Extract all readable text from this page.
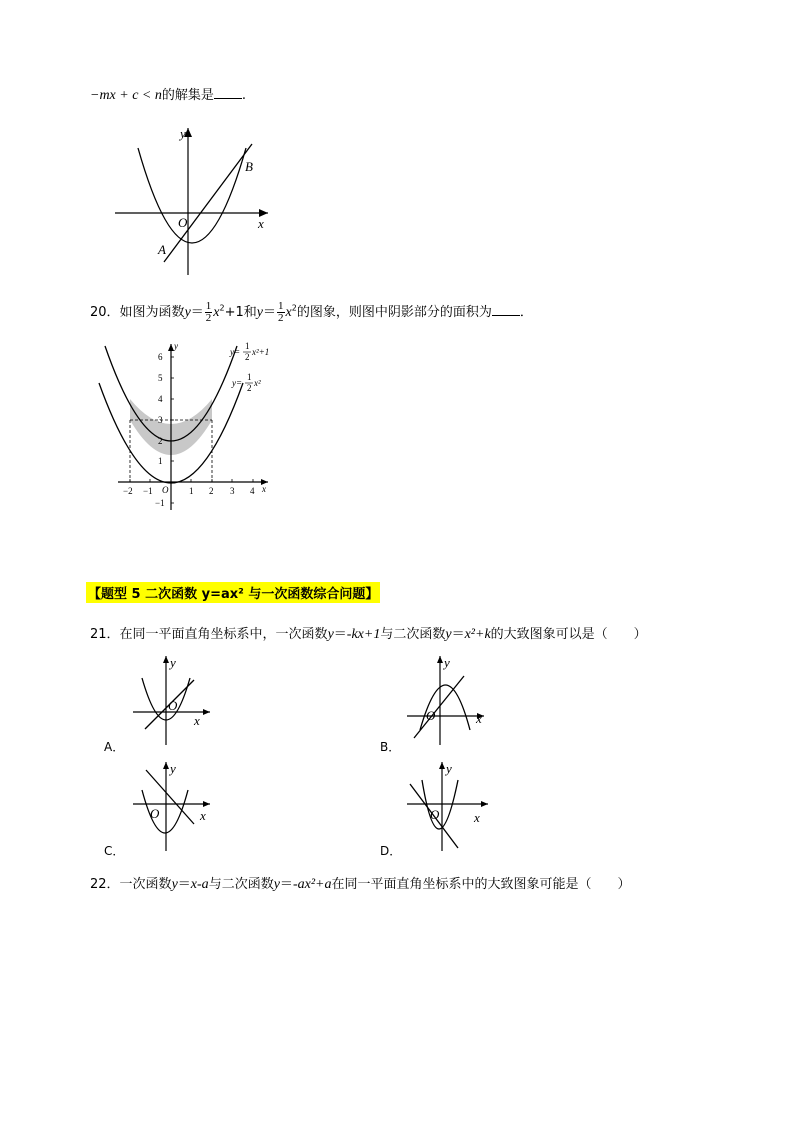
−mx + c < n的解集是 .
y
x
O
A
B
20．如图为函数$y= \frac{1}{2} x^2+1$和$y= \frac{1}{2} x^2$的图象，则图中阴影部分的面积为 ．
6
5
4
3
2
1
−1
−2 −1	1 2 3 4
O	x
y
y=
1
2 x²+1
y=
1
2 x²
【题型 5 二次函数 y=ax² 与一次函数综合问题】
21．在同一平面直角坐标系中，一次函数y＝-kx+1与二次函数y＝x²+k的大致图象可以是（　　）
y
x
O
A．
y
x
O
B．
y
x
O
C．
y
x
O
D．
22．一次函数y＝x-a与二次函数y＝-ax²+a在同一平面直角坐标系中的大致图象可能是（　　）
